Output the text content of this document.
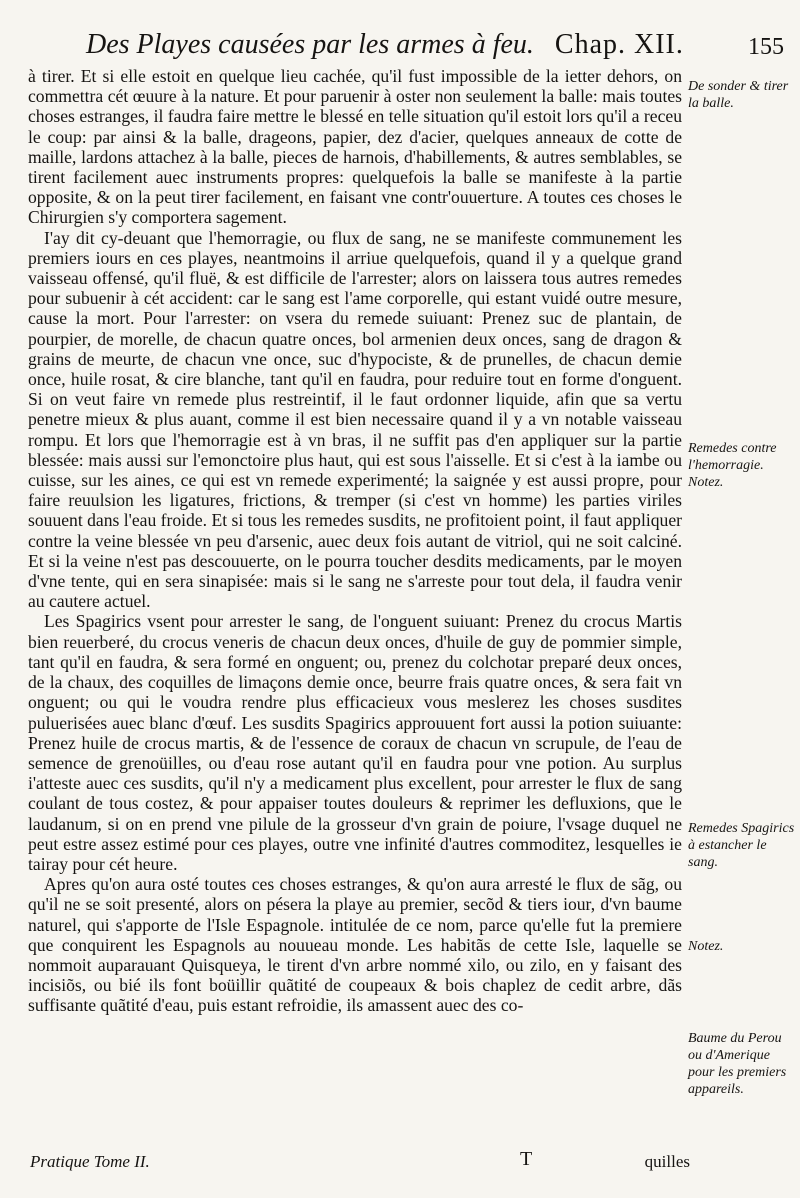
Des Playes causées par les armes à feu. Chap. XII.	155

à tirer. Et si elle estoit en quelque lieu cachée, qu'il fust impossible de la ietter dehors, on commettra cét œuure à la nature. Et pour paruenir à oster non seulement la balle: mais toutes choses estranges, il faudra faire mettre le blessé en telle situation qu'il estoit lors qu'il a receu le coup: par ainsi & la balle, drageons, papier, dez d'acier, quelques anneaux de cotte de maille, lardons attachez à la balle, pieces de harnois, d'habillements, & autres semblables, se tirent facilement auec instruments propres: quelquefois la balle se manifeste à la partie opposite, & on la peut tirer facilement, en faisant vne contr'ouuerture. A toutes ces choses le Chirurgien s'y comportera sagement.

I'ay dit cy-deuant que l'hemorragie, ou flux de sang, ne se manifeste communement les premiers iours en ces playes, neantmoins il arriue quelquefois, quand il y a quelque grand vaisseau offensé, qu'il fluë, & est difficile de l'arrester; alors on laissera tous autres remedes pour subuenir à cét accident: car le sang est l'ame corporelle, qui estant vuidé outre mesure, cause la mort. Pour l'arrester: on vsera du remede suiuant: Prenez suc de plantain, de pourpier, de morelle, de chacun quatre onces, bol armenien deux onces, sang de dragon & grains de meurte, de chacun vne once, suc d'hypociste, & de prunelles, de chacun demie once, huile rosat, & cire blanche, tant qu'il en faudra, pour reduire tout en forme d'onguent. Si on veut faire vn remede plus restreintif, il le faut ordonner liquide, afin que sa vertu penetre mieux & plus auant, comme il est bien necessaire quand il y a vn notable vaisseau rompu. Et lors que l'hemorragie est à vn bras, il ne suffit pas d'en appliquer sur la partie blessée: mais aussi sur l'emonctoire plus haut, qui est sous l'aisselle. Et si c'est à la iambe ou cuisse, sur les aines, ce qui est vn remede experimenté; la saignée y est aussi propre, pour faire reuulsion les ligatures, frictions, & tremper (si c'est vn homme) les parties viriles souuent dans l'eau froide. Et si tous les remedes susdits, ne profitoient point, il faut appliquer contre la veine blessée vn peu d'arsenic, auec deux fois autant de vitriol, qui ne soit calciné. Et si la veine n'est pas descouuerte, on le pourra toucher desdits medicaments, par le moyen d'vne tente, qui en sera sinapisée: mais si le sang ne s'arreste pour tout dela, il faudra venir au cautere actuel.

Les Spagirics vsent pour arrester le sang, de l'onguent suiuant: Prenez du crocus Martis bien reuerberé, du crocus veneris de chacun deux onces, d'huile de guy de pommier simple, tant qu'il en faudra, & sera formé en onguent; ou, prenez du colchotar preparé deux onces, de la chaux, des coquilles de limaçons demie once, beurre frais quatre onces, & sera fait vn onguent; ou qui le voudra rendre plus efficacieux vous meslerez les choses susdites puluerisées auec blanc d'œuf. Les susdits Spagirics approuuent fort aussi la potion suiuante: Prenez huile de crocus martis, & de l'essence de coraux de chacun vn scrupule, de l'eau de semence de grenoüilles, ou d'eau rose autant qu'il en faudra pour vne potion. Au surplus i'atteste auec ces susdits, qu'il n'y a medicament plus excellent, pour arrester le flux de sang coulant de tous costez, & pour appaiser toutes douleurs & reprimer les defluxions, que le laudanum, si on en prend vne pilule de la grosseur d'vn grain de poiure, l'vsage duquel ne peut estre assez estimé pour ces playes, outre vne infinité d'autres commoditez, lesquelles ie tairay pour cét heure.

Apres qu'on aura osté toutes ces choses estranges, & qu'on aura arresté le flux de sãg, ou qu'il ne se soit presenté, alors on pésera la playe au premier, secõd & tiers iour, d'vn baume naturel, qui s'apporte de l'Isle Espagnole. intitulée de ce nom, parce qu'elle fut la premiere que conquirent les Espagnols au nouueau monde. Les habitãs de cette Isle, laquelle se nommoit auparauant Quisqueya, le tirent d'vn arbre nommé xilo, ou zilo, en y faisant des incisiõs, ou bié ils font boüillir quãtité de coupeaux & bois chaplez de cedit arbre, dãs suffisante quãtité d'eau, puis estant refroidie, ils amassent auec des co-

De sonder & tirer la balle.
Remedes contre l'hemorragie. Notez.
Remedes Spagirics à estancher le sang.
Notez.
Baume du Perou ou d'Amerique pour les premiers appareils.
Pratique Tome II.	T	quilles
